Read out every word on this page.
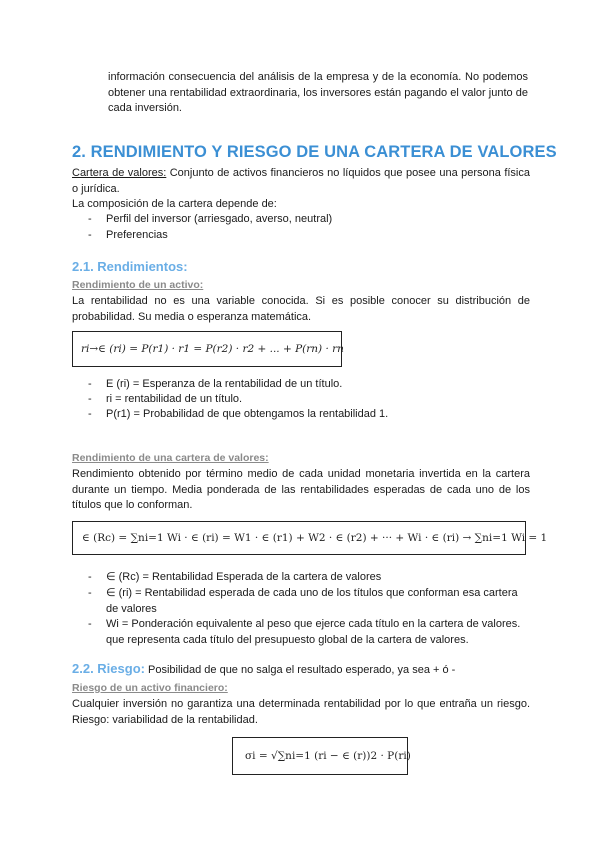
información consecuencia del análisis de la empresa y de la economía. No podemos obtener una rentabilidad extraordinaria, los inversores están pagando el valor junto de cada inversión.
2. RENDIMIENTO Y RIESGO DE UNA CARTERA DE VALORES
Cartera de valores: Conjunto de activos financieros no líquidos que posee una persona física o jurídica.
La composición de la cartera depende de:
- Perfil del inversor (arriesgado, averso, neutral)
- Preferencias
2.1. Rendimientos:
Rendimiento de un activo:
La rentabilidad no es una variable conocida. Si es posible conocer su distribución de probabilidad. Su media o esperanza matemática.
ri→∈ (ri) = P(r1) · r1 = P(r2) · r2 + ... + P(rn) · rn
- E (ri) = Esperanza de la rentabilidad de un título.
- ri = rentabilidad de un título.
- P(r1) = Probabilidad de que obtengamos la rentabilidad 1.
Rendimiento de una cartera de valores:
Rendimiento obtenido por término medio de cada unidad monetaria invertida en la cartera durante un tiempo. Media ponderada de las rentabilidades esperadas de cada uno de los títulos que lo conforman.
∈ (Rc) = ∑ni=1 Wi · ∈ (ri) = W1 · ∈ (r1) + W2 · ∈ (r2) + ··· + Wi · ∈ (ri) → ∑ni=1 Wi = 1
- ∈ (Rc) = Rentabilidad Esperada de la cartera de valores
- ∈ (ri) = Rentabilidad esperada de cada uno de los títulos que conforman esa cartera de valores
- Wi = Ponderación equivalente al peso que ejerce cada título en la cartera de valores. que representa cada título del presupuesto global de la cartera de valores.
2.2. Riesgo: Posibilidad de que no salga el resultado esperado, ya sea + ó -
Riesgo de un activo financiero:
Cualquier inversión no garantiza una determinada rentabilidad por lo que entraña un riesgo. Riesgo: variabilidad de la rentabilidad.
σi = √∑ni=1 (ri − ∈ (r))2 · P(ri)
